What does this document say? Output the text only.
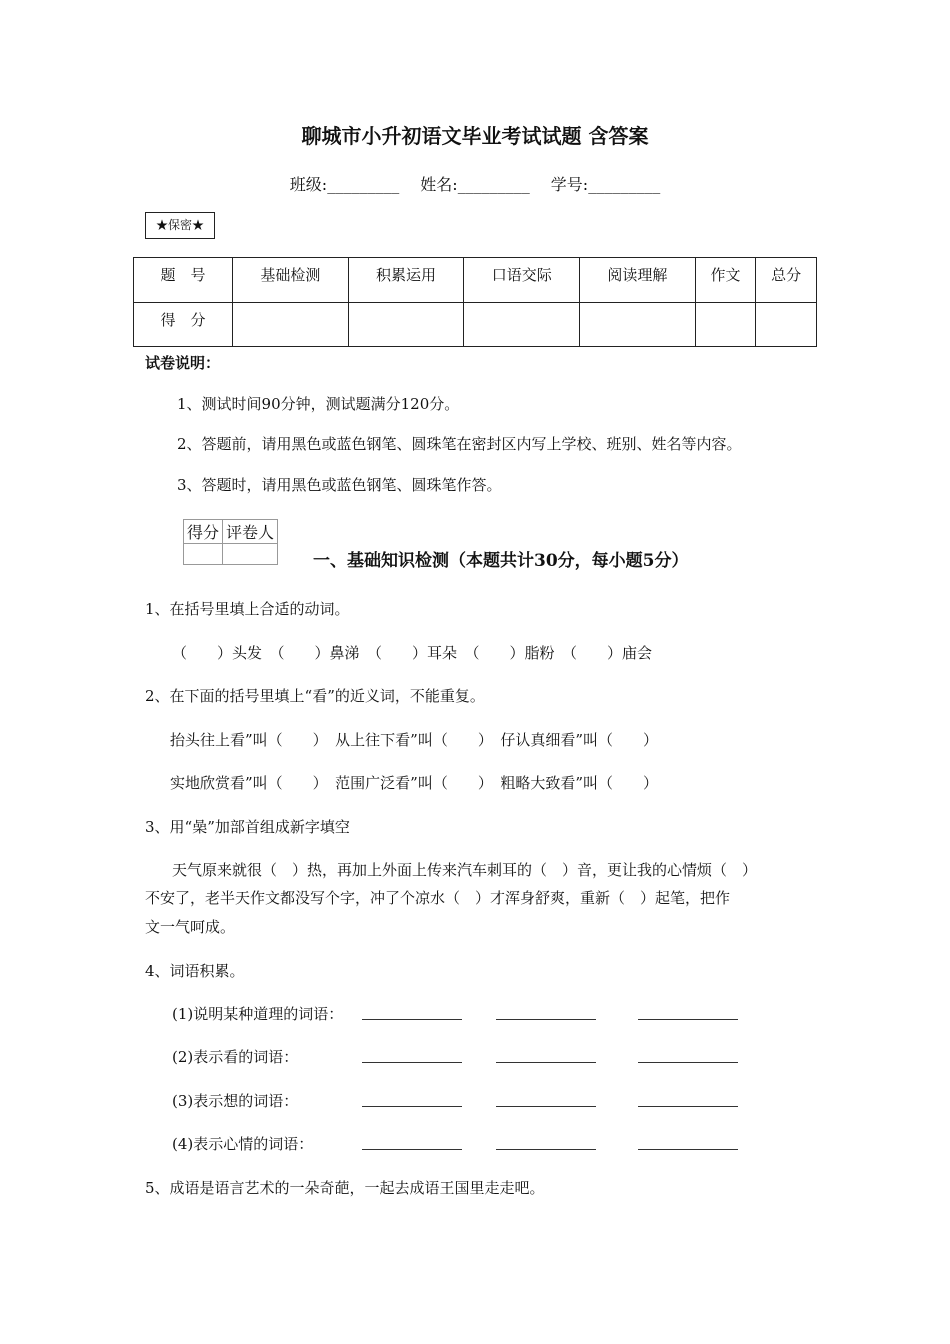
聊城市小升初语文毕业考试试题 含答案
班级:_________ 姓名:_________ 学号:_________
★保密★
题　号	基础检测	积累运用	口语交际	阅读理解	作文	总分
得　分						
试卷说明：
1、测试时间90分钟，测试题满分120分。
2、答题前，请用黑色或蓝色钢笔、圆珠笔在密封区内写上学校、班别、姓名等内容。
3、答题时，请用黑色或蓝色钢笔、圆珠笔作答。
得分	评卷人

一、基础知识检测（本题共计30分，每小题5分）
1、在括号里填上合适的动词。
（　　）头发　（　　）鼻涕　（　　）耳朵　（　　）脂粉　（　　）庙会
2、在下面的括号里填上“看”的近义词，不能重复。
抬头往上看”叫（　　）　从上往下看”叫（　　）　仔认真细看”叫（　　）
实地欣赏看”叫（　　）　范围广泛看”叫（　　）　粗略大致看”叫（　　）
3、用“喿”加部首组成新字填空
天气原来就很（　）热，再加上外面上传来汽车刺耳的（　）音，更让我的心情烦（　）
不安了，老半天作文都没写个字，冲了个凉水（　）才浑身舒爽，重新（　）起笔，把作
文一气呵成。
4、词语积累。
(1)说明某种道理的词语：
(2)表示看的词语：
(3)表示想的词语：
(4)表示心情的词语：
5、成语是语言艺术的一朵奇葩，一起去成语王国里走走吧。
